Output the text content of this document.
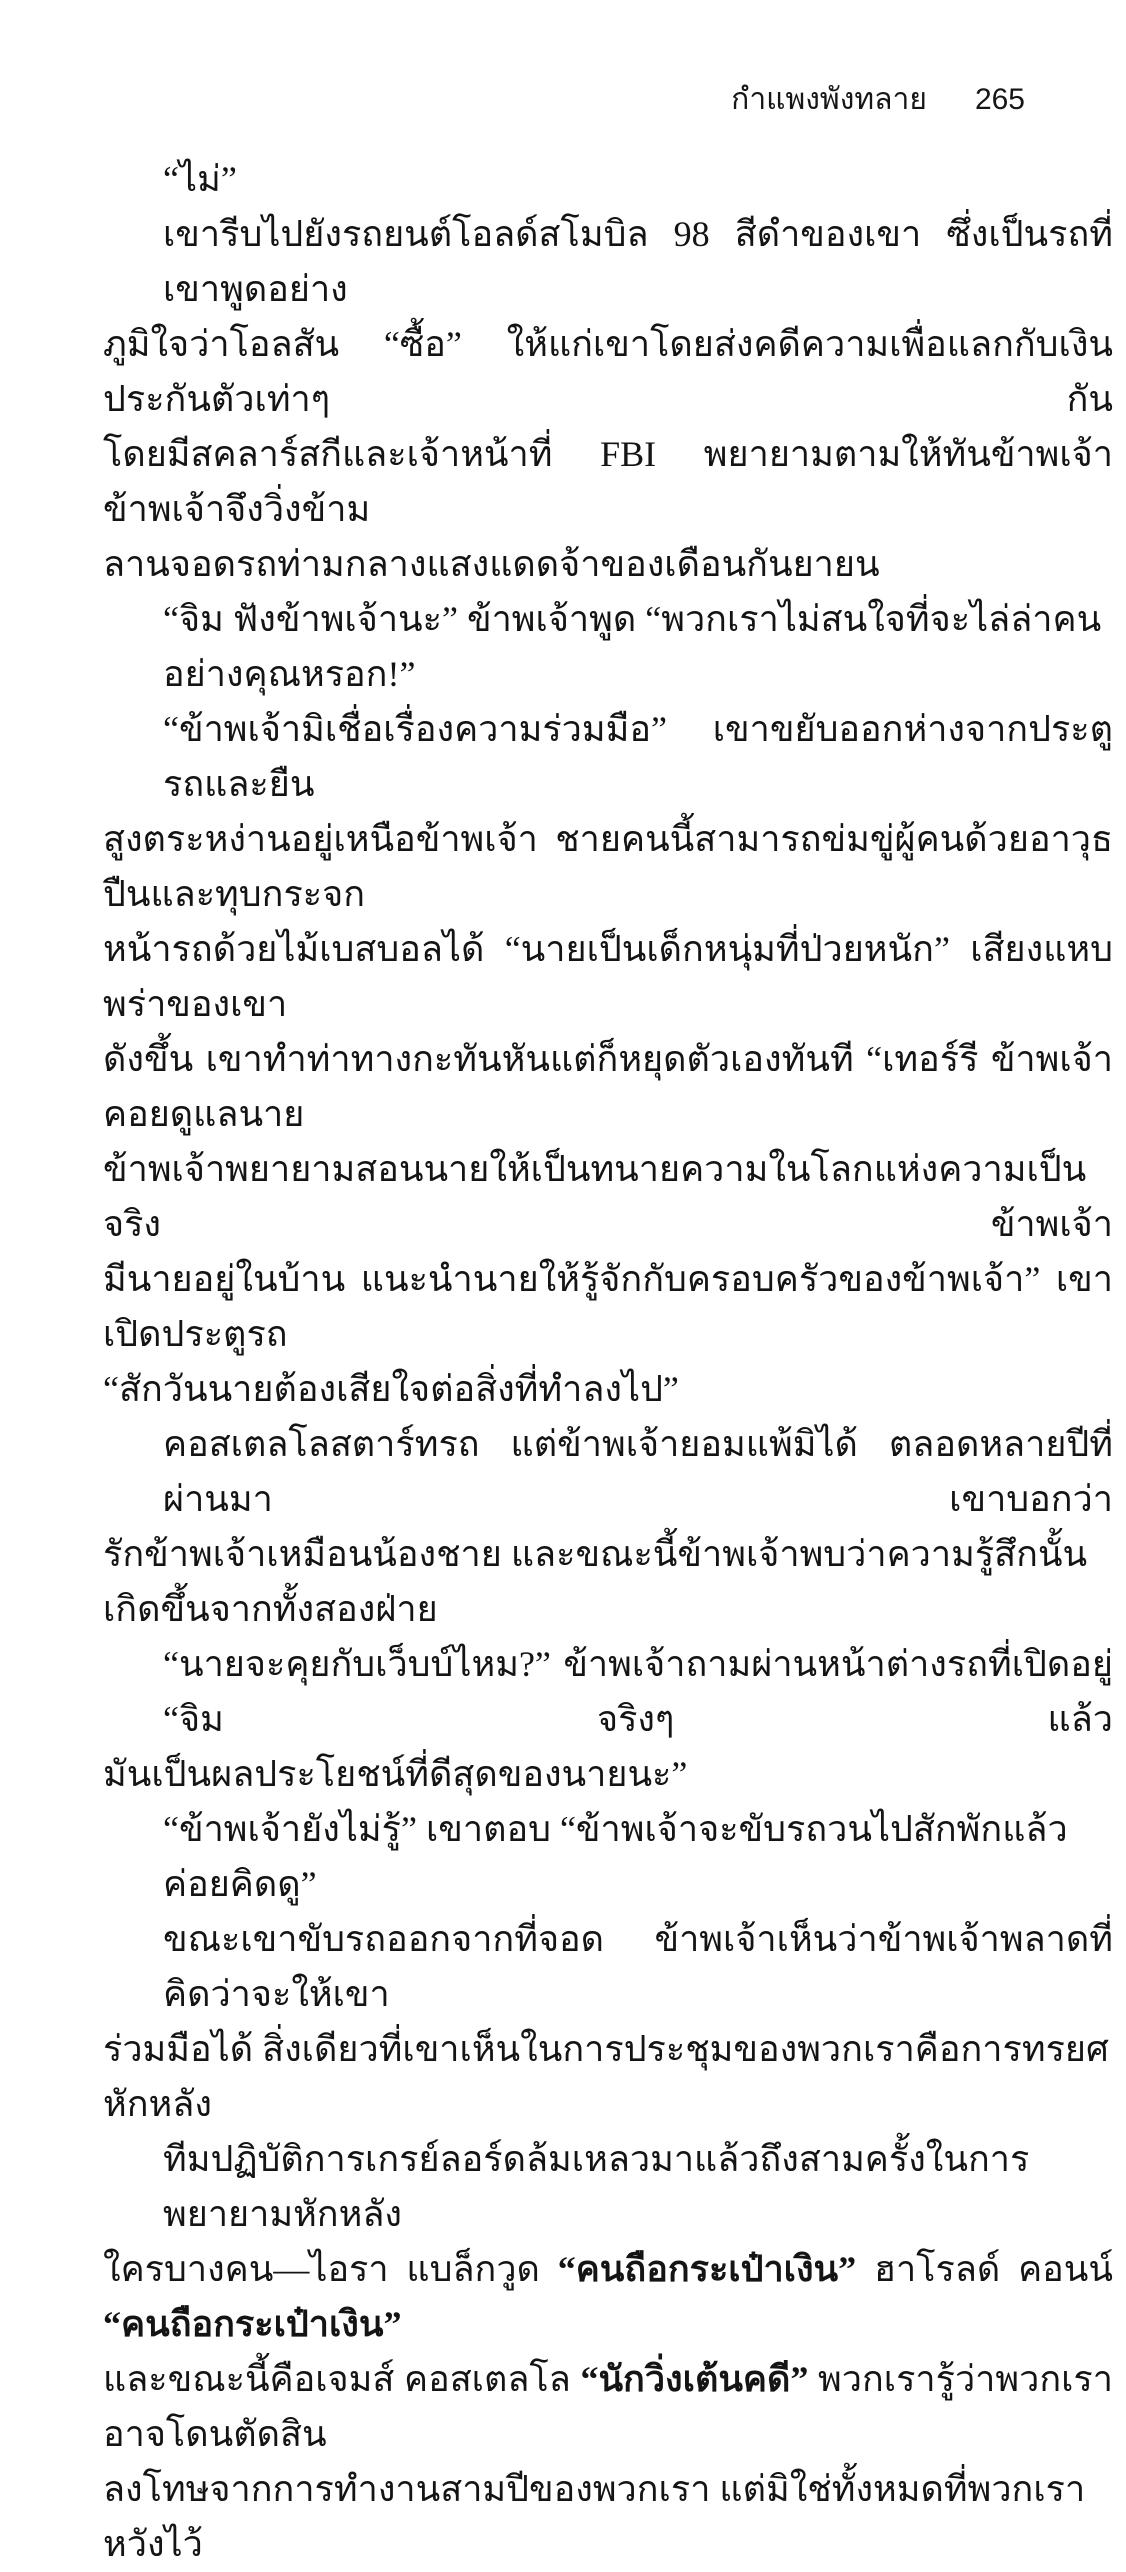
กำแพงพังทลาย 265
“ไม่”
เขารีบไปยังรถยนต์โอลด์สโมบิล 98 สีดำของเขา ซึ่งเป็นรถที่เขาพูดอย่าง
ภูมิใจว่าโอลสัน “ซื้อ” ให้แก่เขาโดยส่งคดีความเพื่อแลกกับเงินประกันตัวเท่าๆ กัน
โดยมีสคลาร์สกีและเจ้าหน้าที่ FBI พยายามตามให้ทันข้าพเจ้า ข้าพเจ้าจึงวิ่งข้าม
ลานจอดรถท่ามกลางแสงแดดจ้าของเดือนกันยายน
“จิม ฟังข้าพเจ้านะ” ข้าพเจ้าพูด “พวกเราไม่สนใจที่จะไล่ล่าคนอย่างคุณหรอก!”
“ข้าพเจ้ามิเชื่อเรื่องความร่วมมือ” เขาขยับออกห่างจากประตูรถและยืน
สูงตระหง่านอยู่เหนือข้าพเจ้า ชายคนนี้สามารถข่มขู่ผู้คนด้วยอาวุธปืนและทุบกระจก
หน้ารถด้วยไม้เบสบอลได้ “นายเป็นเด็กหนุ่มที่ป่วยหนัก” เสียงแหบพร่าของเขา
ดังขึ้น เขาทำท่าทางกะทันหันแต่ก็หยุดตัวเองทันที “เทอร์รี ข้าพเจ้าคอยดูแลนาย
ข้าพเจ้าพยายามสอนนายให้เป็นทนายความในโลกแห่งความเป็นจริง ข้าพเจ้า
มีนายอยู่ในบ้าน แนะนำนายให้รู้จักกับครอบครัวของข้าพเจ้า” เขาเปิดประตูรถ
“สักวันนายต้องเสียใจต่อสิ่งที่ทำลงไป”
คอสเตลโลสตาร์ทรถ แต่ข้าพเจ้ายอมแพ้มิได้ ตลอดหลายปีที่ผ่านมา เขาบอกว่า
รักข้าพเจ้าเหมือนน้องชาย และขณะนี้ข้าพเจ้าพบว่าความรู้สึกนั้นเกิดขึ้นจากทั้งสองฝ่าย
“นายจะคุยกับเว็บบ์ไหม?” ข้าพเจ้าถามผ่านหน้าต่างรถที่เปิดอยู่ “จิม จริงๆ แล้ว
มันเป็นผลประโยชน์ที่ดีสุดของนายนะ”
“ข้าพเจ้ายังไม่รู้” เขาตอบ “ข้าพเจ้าจะขับรถวนไปสักพักแล้วค่อยคิดดู”
ขณะเขาขับรถออกจากที่จอด ข้าพเจ้าเห็นว่าข้าพเจ้าพลาดที่คิดว่าจะให้เขา
ร่วมมือได้ สิ่งเดียวที่เขาเห็นในการประชุมของพวกเราคือการทรยศหักหลัง
ทีมปฏิบัติการเกรย์ลอร์ดล้มเหลวมาแล้วถึงสามครั้งในการพยายามหักหลัง
ใครบางคน—ไอรา แบล็กวูด “คนถือกระเป๋าเงิน” ฮาโรลด์ คอนน์ “คนถือกระเป๋าเงิน”
และขณะนี้คือเจมส์ คอสเตลโล “นักวิ่งเต้นคดี” พวกเรารู้ว่าพวกเราอาจโดนตัดสิน
ลงโทษจากการทำงานสามปีของพวกเรา แต่มิใช่ทั้งหมดที่พวกเราหวังไว้
